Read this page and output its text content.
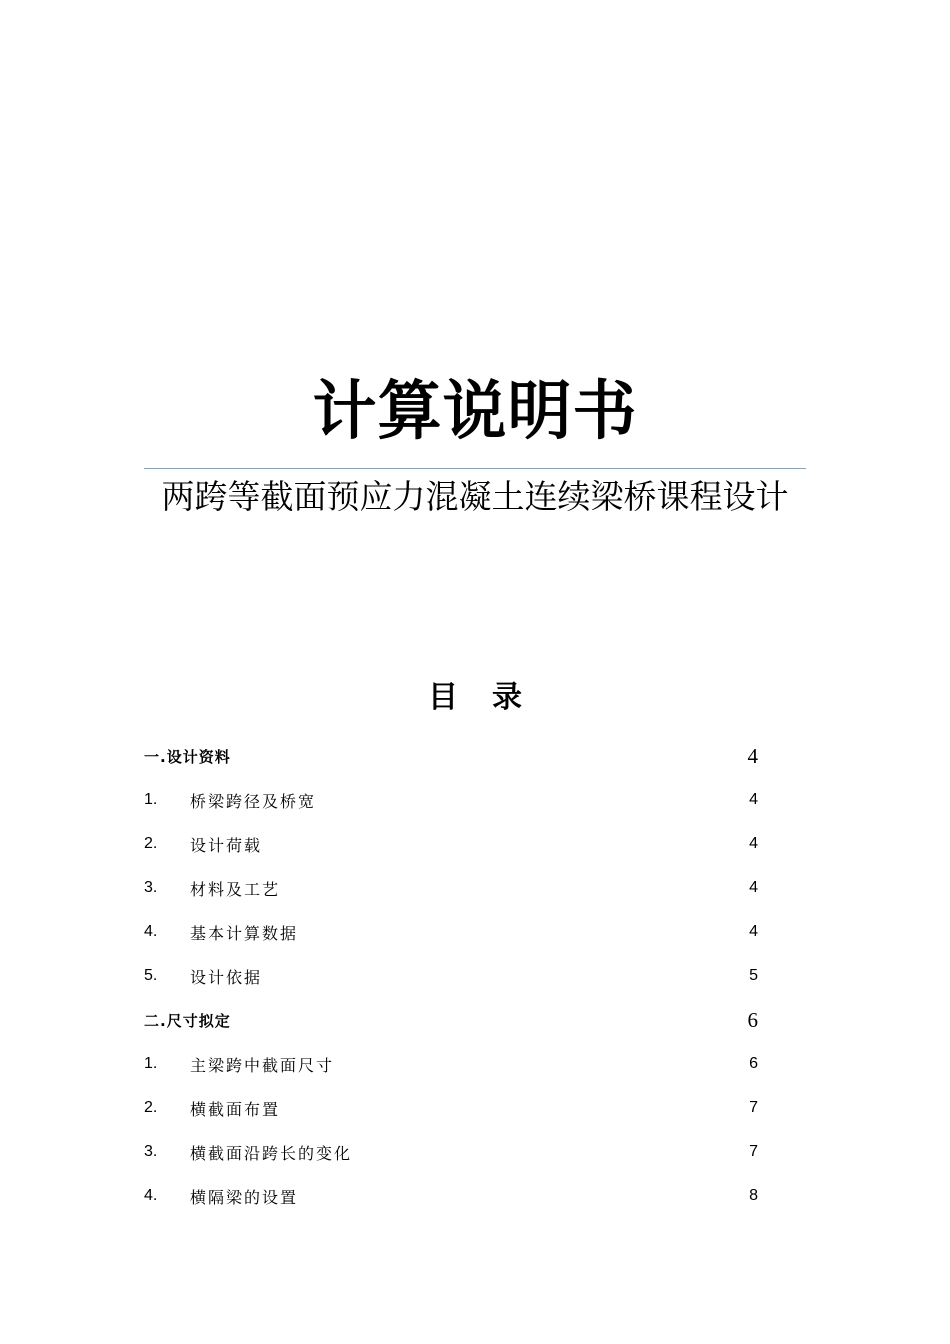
计算说明书
两跨等截面预应力混凝土连续梁桥课程设计
目 录
一.设计资料	4
1.	桥梁跨径及桥宽	4
2.	设计荷载	4
3.	材料及工艺	4
4.	基本计算数据	4
5.	设计依据	5
二.尺寸拟定	6
1.	主梁跨中截面尺寸	6
2.	横截面布置	7
3.	横截面沿跨长的变化	7
4.	横隔梁的设置	8
